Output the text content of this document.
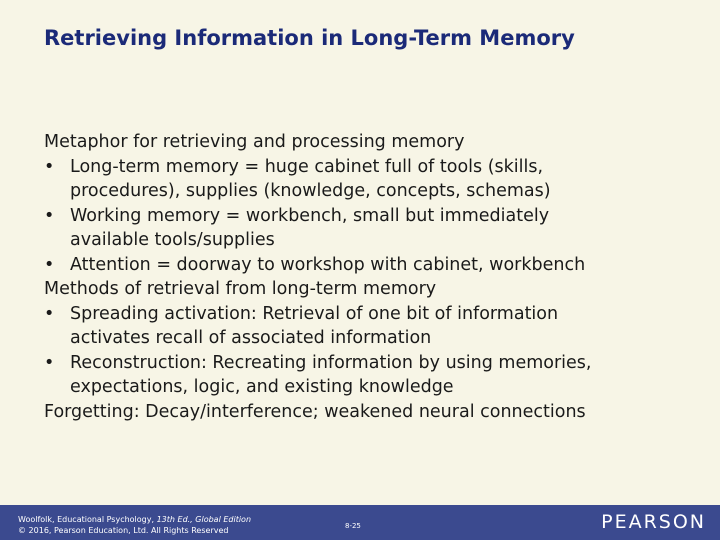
Retrieving Information in Long-Term Memory
Metaphor for retrieving and processing memory
• Long-term memory = huge cabinet full of tools (skills,
procedures), supplies (knowledge, concepts, schemas)
• Working memory = workbench, small but immediately
available tools/supplies
• Attention = doorway to workshop with cabinet, workbench
Methods of retrieval from long-term memory
• Spreading activation: Retrieval of one bit of information
activates recall of associated information
• Reconstruction: Recreating information by using memories,
expectations, logic, and existing knowledge
Forgetting: Decay/interference; weakened neural connections
Woolfolk, Educational Psychology, 13th Ed., Global Edition
© 2016, Pearson Education, Ltd. All Rights Reserved	8-25	PEARSON
